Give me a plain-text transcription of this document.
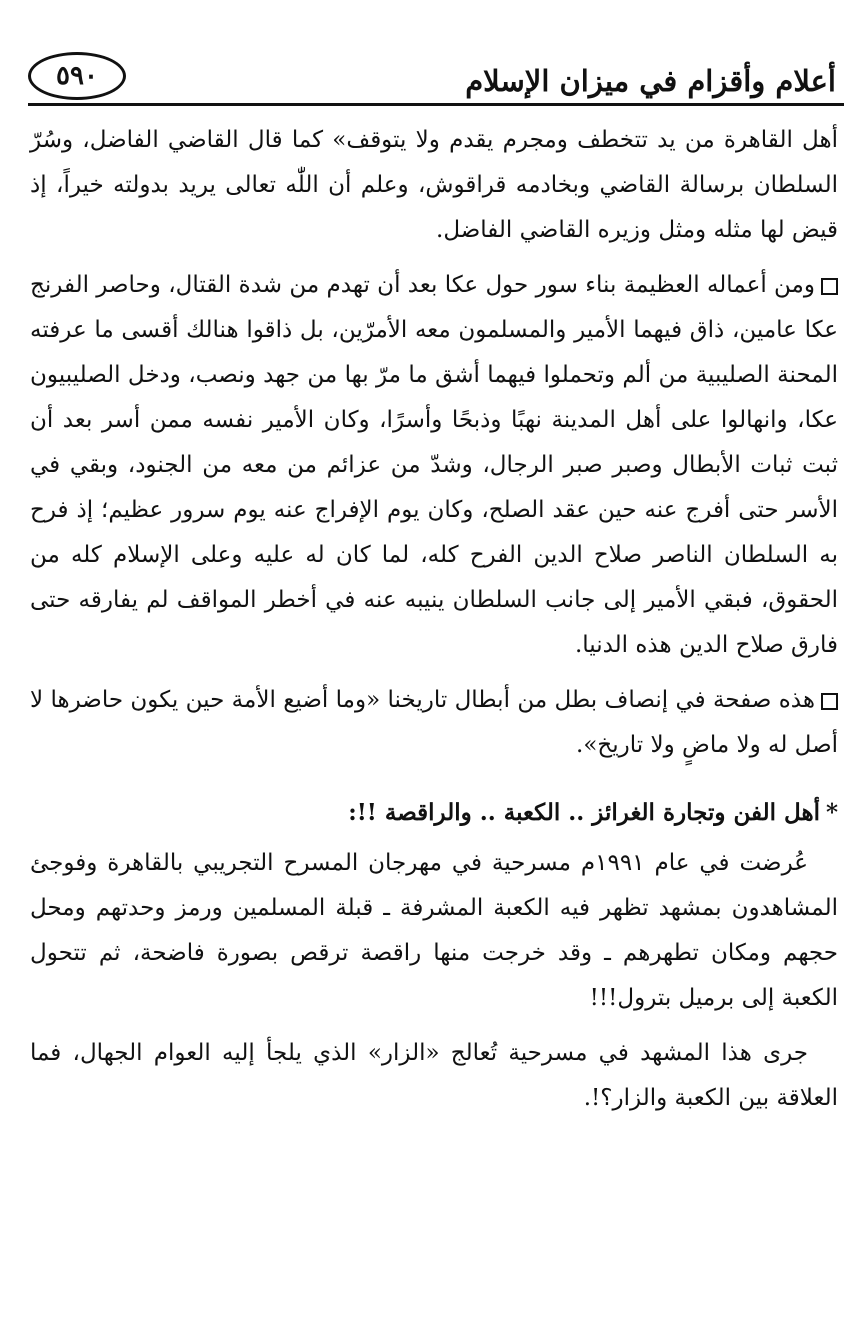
أعلام وأقزام في ميزان الإسلام
٥٩٠

أهل القاهرة من يد تتخطف ومجرم يقدم ولا يتوقف» كما قال القاضي الفاضل، وسُرّ السلطان برسالة القاضي وبخادمه قراقوش، وعلم أن اللّٰه تعالى يريد بدولته خيراً، إذ قيض لها مثله ومثل وزيره القاضي الفاضل.

ومن أعماله العظيمة بناء سور حول عكا بعد أن تهدم من شدة القتال، وحاصر الفرنج عكا عامين، ذاق فيهما الأمير والمسلمون معه الأمرّين، بل ذاقوا هنالك أقسى ما عرفته المحنة الصليبية من ألم وتحملوا فيهما أشق ما مرّ بها من جهد ونصب، ودخل الصليبيون عكا، وانهالوا على أهل المدينة نهبًا وذبحًا وأسرًا، وكان الأمير نفسه ممن أسر بعد أن ثبت ثبات الأبطال وصبر صبر الرجال، وشدّ من عزائم من معه من الجنود، وبقي في الأسر حتى أفرج عنه حين عقد الصلح، وكان يوم الإفراج عنه يوم سرور عظيم؛ إذ فرح به السلطان الناصر صلاح الدين الفرح كله، لما كان له عليه وعلى الإسلام كله من الحقوق، فبقي الأمير إلى جانب السلطان ينيبه عنه في أخطر المواقف لم يفارقه حتى فارق صلاح الدين هذه الدنيا.

هذه صفحة في إنصاف بطل من أبطال تاريخنا «وما أضيع الأمة حين يكون حاضرها لا أصل له ولا ماضٍ ولا تاريخ».

*أهل الفن وتجارة الغرائز .. الكعبة .. والراقصة !!:

عُرضت في عام ١٩٩١م مسرحية في مهرجان المسرح التجريبي بالقاهرة وفوجئ المشاهدون بمشهد تظهر فيه الكعبة المشرفة ـ قبلة المسلمين ورمز وحدتهم ومحل حجهم ومكان تطهرهم ـ وقد خرجت منها راقصة ترقص بصورة فاضحة، ثم تتحول الكعبة إلى برميل بترول!!!

جرى هذا المشهد في مسرحية تُعالج «الزار» الذي يلجأ إليه العوام الجهال، فما العلاقة بين الكعبة والزار؟!.
